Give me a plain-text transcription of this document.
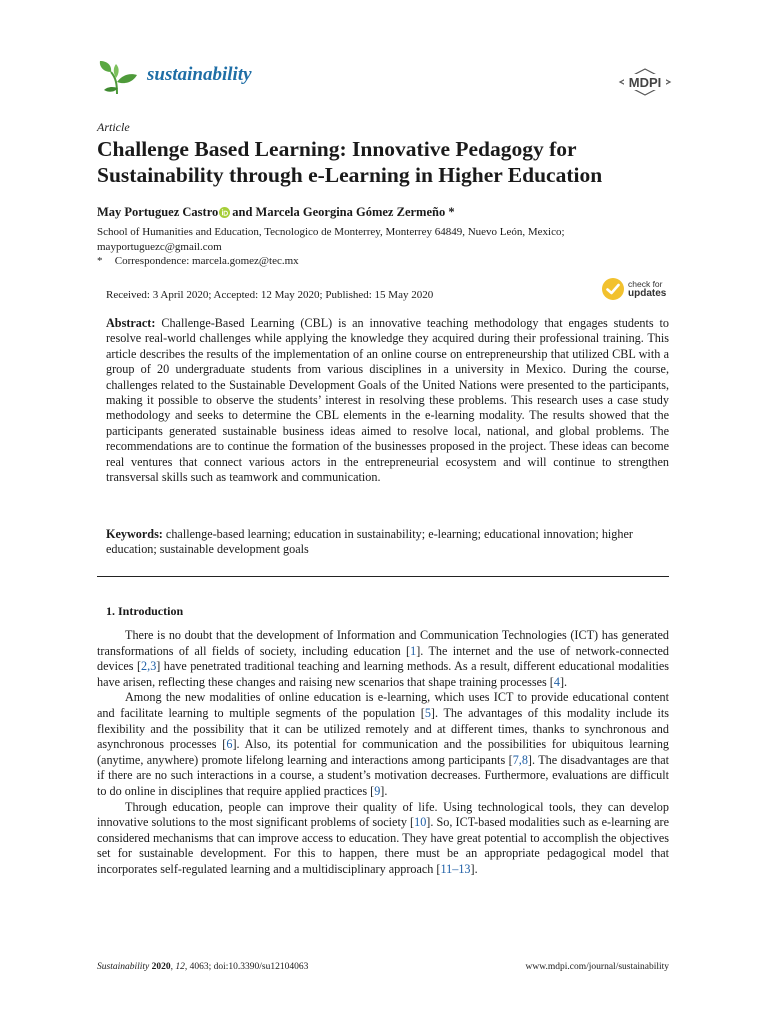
sustainability	MDPI
Article
Challenge Based Learning: Innovative Pedagogy for Sustainability through e-Learning in Higher Education
May Portuguez Castro and Marcela Georgina Gómez Zermeño *
School of Humanities and Education, Tecnologico de Monterrey, Monterrey 64849, Nuevo León, Mexico;
mayportuguezc@gmail.com
* Correspondence: marcela.gomez@tec.mx
Received: 3 April 2020; Accepted: 12 May 2020; Published: 15 May 2020
check for
updates
Abstract: Challenge-Based Learning (CBL) is an innovative teaching methodology that engages students to resolve real-world challenges while applying the knowledge they acquired during their professional training. This article describes the results of the implementation of an online course on entrepreneurship that utilized CBL with a group of 20 undergraduate students from various disciplines in a university in Mexico. During the course, challenges related to the Sustainable Development Goals of the United Nations were presented to the participants, making it possible to observe the students’ interest in resolving these problems. This research uses a case study methodology and seeks to determine the CBL elements in the e-learning modality. The results showed that the participants generated sustainable business ideas aimed to resolve local, national, and global problems. The recommendations are to continue the formation of the businesses proposed in the project. These ideas can become real ventures that connect various actors in the entrepreneurial ecosystem and will continue to strengthen transversal skills such as teamwork and communication.
Keywords: challenge-based learning; education in sustainability; e-learning; educational innovation; higher education; sustainable development goals
1. Introduction

There is no doubt that the development of Information and Communication Technologies (ICT) has generated transformations of all fields of society, including education [1]. The internet and the use of network-connected devices [2,3] have penetrated traditional teaching and learning methods. As a result, different educational modalities have arisen, reflecting these changes and raising new scenarios that shape training processes [4].

Among the new modalities of online education is e-learning, which uses ICT to provide educational content and facilitate learning to multiple segments of the population [5]. The advantages of this modality include its flexibility and the possibility that it can be utilized remotely and at different times, thanks to synchronous and asynchronous processes [6]. Also, its potential for communication and the possibilities for ubiquitous learning (anytime, anywhere) promote lifelong learning and interactions among participants [7,8]. The disadvantages are that if there are no such interactions in a course, a student’s motivation decreases. Furthermore, evaluations are difficult to do online in disciplines that require applied practices [9].

Through education, people can improve their quality of life. Using technological tools, they can develop innovative solutions to the most significant problems of society [10]. So, ICT-based modalities such as e-learning are considered mechanisms that can improve access to education. They have great potential to accomplish the objectives set for sustainable development. For this to happen, there must be an appropriate pedagogical model that incorporates self-regulated learning and a multidisciplinary approach [11–13].

Sustainability 2020, 12, 4063; doi:10.3390/su12104063	www.mdpi.com/journal/sustainability
